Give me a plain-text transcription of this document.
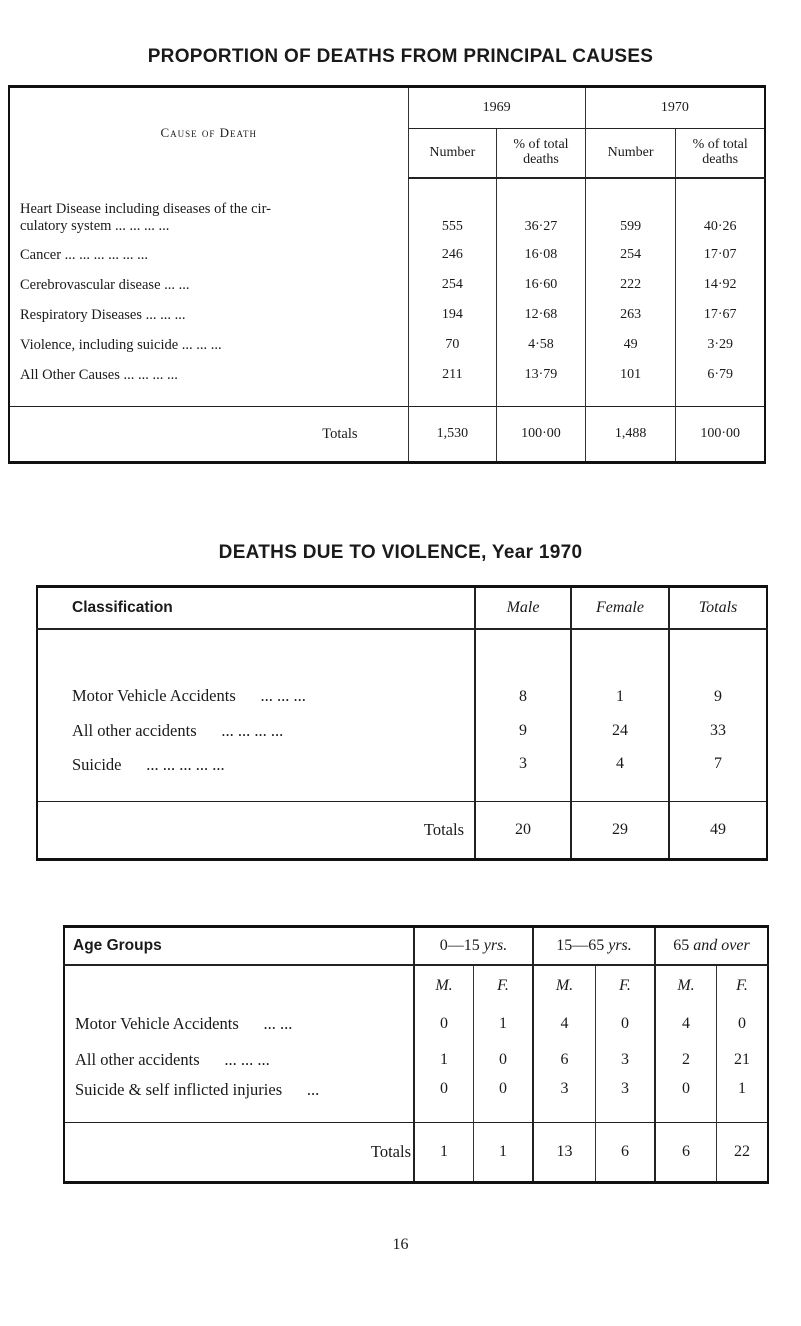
PROPORTION OF DEATHS FROM PRINCIPAL CAUSES
Cause of Death	1969		1970	
	Number	% of total deaths	Number	% of total deaths

Heart Disease including diseases of the cir-
culatory system ... ... ... ...	555	36·27	599	40·26
Cancer ... ... ... ... ... ...	246	16·08	254	17·07
Cerebrovascular disease ... ...	254	16·60	222	14·92
Respiratory Diseases ... ... ...	194	12·68	263	17·67
Violence, including suicide ... ... ...	70	4·58	49	3·29
All Other Causes ... ... ... ...	211	13·79	101	6·79

Totals	1,530	100·00	1,488	100·00
DEATHS DUE TO VIOLENCE, Year 1970
Classification	Male	Female	Totals
Motor Vehicle Accidents ... ... ...	8	1	9
All other accidents ... ... ... ...	9	24	33
Suicide ... ... ... ... ...	3	4	7
Totals	20	29	49
Age Groups	0—15 yrs.		15—65 yrs.		65 and over	
	M.	F.	M.	F.	M.	F.
Motor Vehicle Accidents ... ...	0	1	4	0	4	0
All other accidents ... ... ...	1	0	6	3	2	21
Suicide & self inflicted injuries ...	0	0	3	3	0	1
Totals	1	1	13	6	6	22
16
